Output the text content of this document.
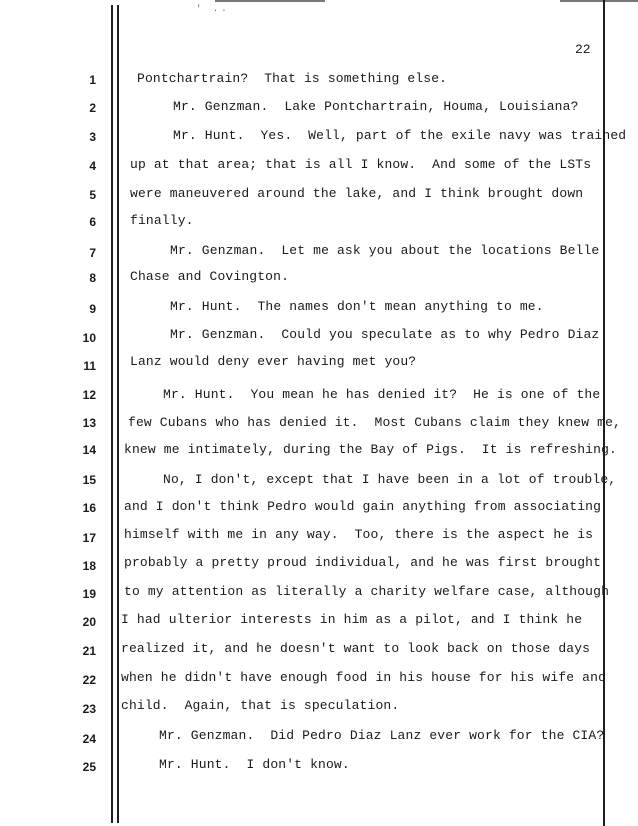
' ..
22
1
2
3
4
5
6
7
8
9
10
11
12
13
14
15
16
17
18
19
20
21
22
23
24
25
Pontchartrain?  That is something else.
Mr. Genzman.  Lake Pontchartrain, Houma, Louisiana?
Mr. Hunt.  Yes.  Well, part of the exile navy was trained
up at that area; that is all I know.  And some of the LSTs
were maneuvered around the lake, and I think brought down
finally.
Mr. Genzman.  Let me ask you about the locations Belle
Chase and Covington.
Mr. Hunt.  The names don't mean anything to me.
Mr. Genzman.  Could you speculate as to why Pedro Diaz
Lanz would deny ever having met you?
Mr. Hunt.  You mean he has denied it?  He is one of the
few Cubans who has denied it.  Most Cubans claim they knew me,
knew me intimately, during the Bay of Pigs.  It is refreshing.
No, I don't, except that I have been in a lot of trouble,
and I don't think Pedro would gain anything from associating
himself with me in any way.  Too, there is the aspect he is
probably a pretty proud individual, and he was first brought
to my attention as literally a charity welfare case, although
I had ulterior interests in him as a pilot, and I think he
realized it, and he doesn't want to look back on those days
when he didn't have enough food in his house for his wife and
child.  Again, that is speculation.
Mr. Genzman.  Did Pedro Diaz Lanz ever work for the CIA?
Mr. Hunt.  I don't know.
